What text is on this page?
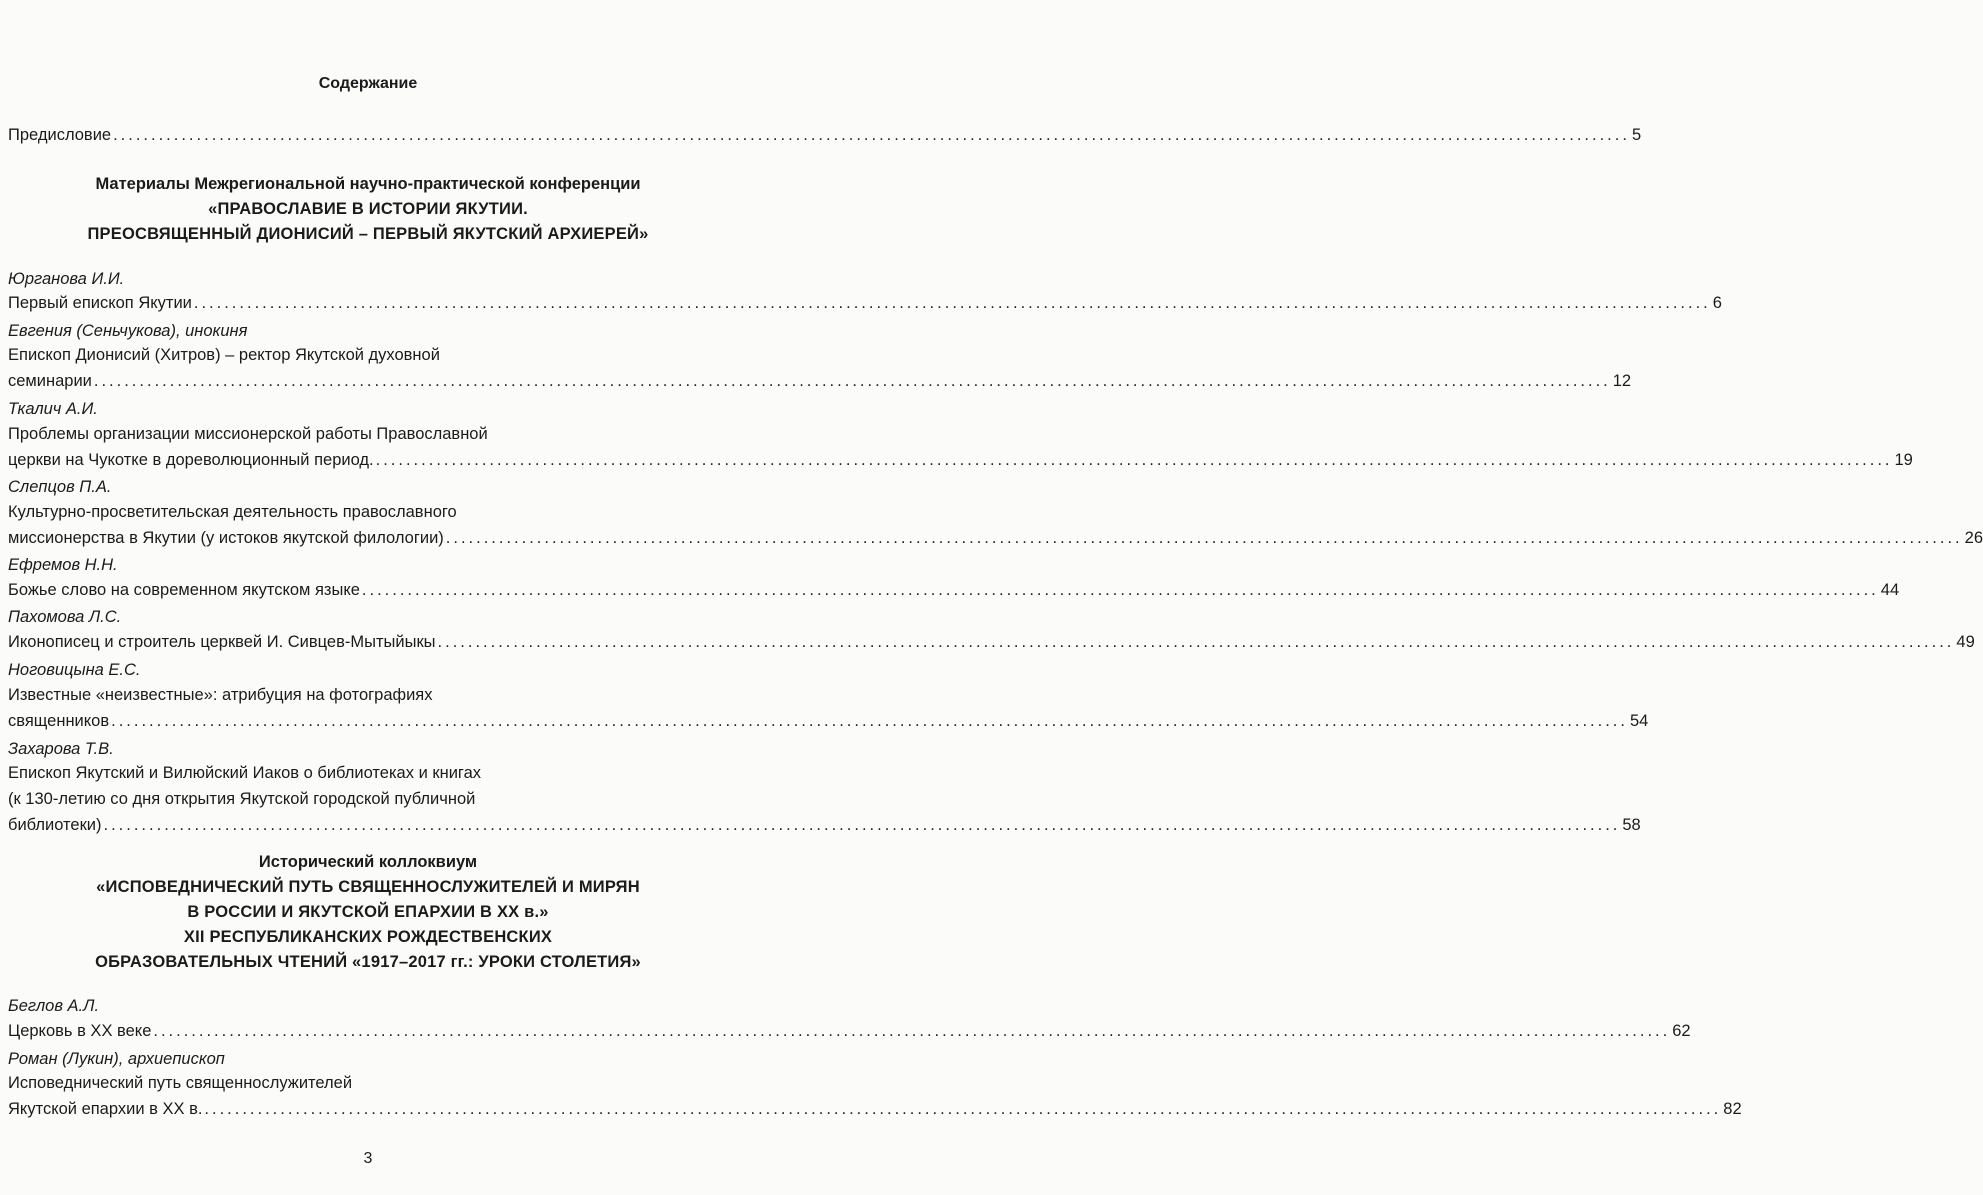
Содержание
Предисловие ........................................................................................................................................................................................................ 5
Материалы Межрегиональной научно-практической конференции
«ПРАВОСЛАВИЕ В ИСТОРИИ ЯКУТИИ.
ПРЕОСВЯЩЕННЫЙ ДИОНИСИЙ – ПЕРВЫЙ ЯКУТСКИЙ АРХИЕРЕЙ»
Юрганова И.И.
Первый епископ Якутии ........................................................................................................................................................................................................ 6
Евгения (Сеньчукова), инокиня
Епископ Дионисий (Хитров) – ректор Якутской духовной
семинарии ........................................................................................................................................................................................................ 12
Ткалич А.И.
Проблемы организации миссионерской работы Православной
церкви на Чукотке в дореволюционный период. ........................................................................................................................................................................................................ 19
Слепцов П.А.
Культурно-просветительская деятельность православного
миссионерства в Якутии (у истоков якутской филологии) ........................................................................................................................................................................................................ 26
Ефремов Н.Н.
Божье слово на современном якутском языке ........................................................................................................................................................................................................ 44
Пахомова Л.С.
Иконописец и строитель церквей И. Сивцев-Мытыйыкы ........................................................................................................................................................................................................ 49
Ноговицына Е.С.
Известные «неизвестные»: атрибуция на фотографиях
священников ........................................................................................................................................................................................................ 54
Захарова Т.В.
Епископ Якутский и Вилюйский Иаков о библиотеках и книгах
(к 130-летию со дня открытия Якутской городской публичной
библиотеки) ........................................................................................................................................................................................................ 58
Исторический коллоквиум
«ИСПОВЕДНИЧЕСКИЙ ПУТЬ СВЯЩЕННОСЛУЖИТЕЛЕЙ И МИРЯН
В РОССИИ И ЯКУТСКОЙ ЕПАРХИИ В XX в.»
XII РЕСПУБЛИКАНСКИХ РОЖДЕСТВЕНСКИХ
ОБРАЗОВАТЕЛЬНЫХ ЧТЕНИЙ «1917–2017 гг.: УРОКИ СТОЛЕТИЯ»
Беглов А.Л.
Церковь в XX веке ........................................................................................................................................................................................................ 62
Роман (Лукин), архиепископ
Исповеднический путь священнослужителей
Якутской епархии в XX в. ........................................................................................................................................................................................................ 82
3
